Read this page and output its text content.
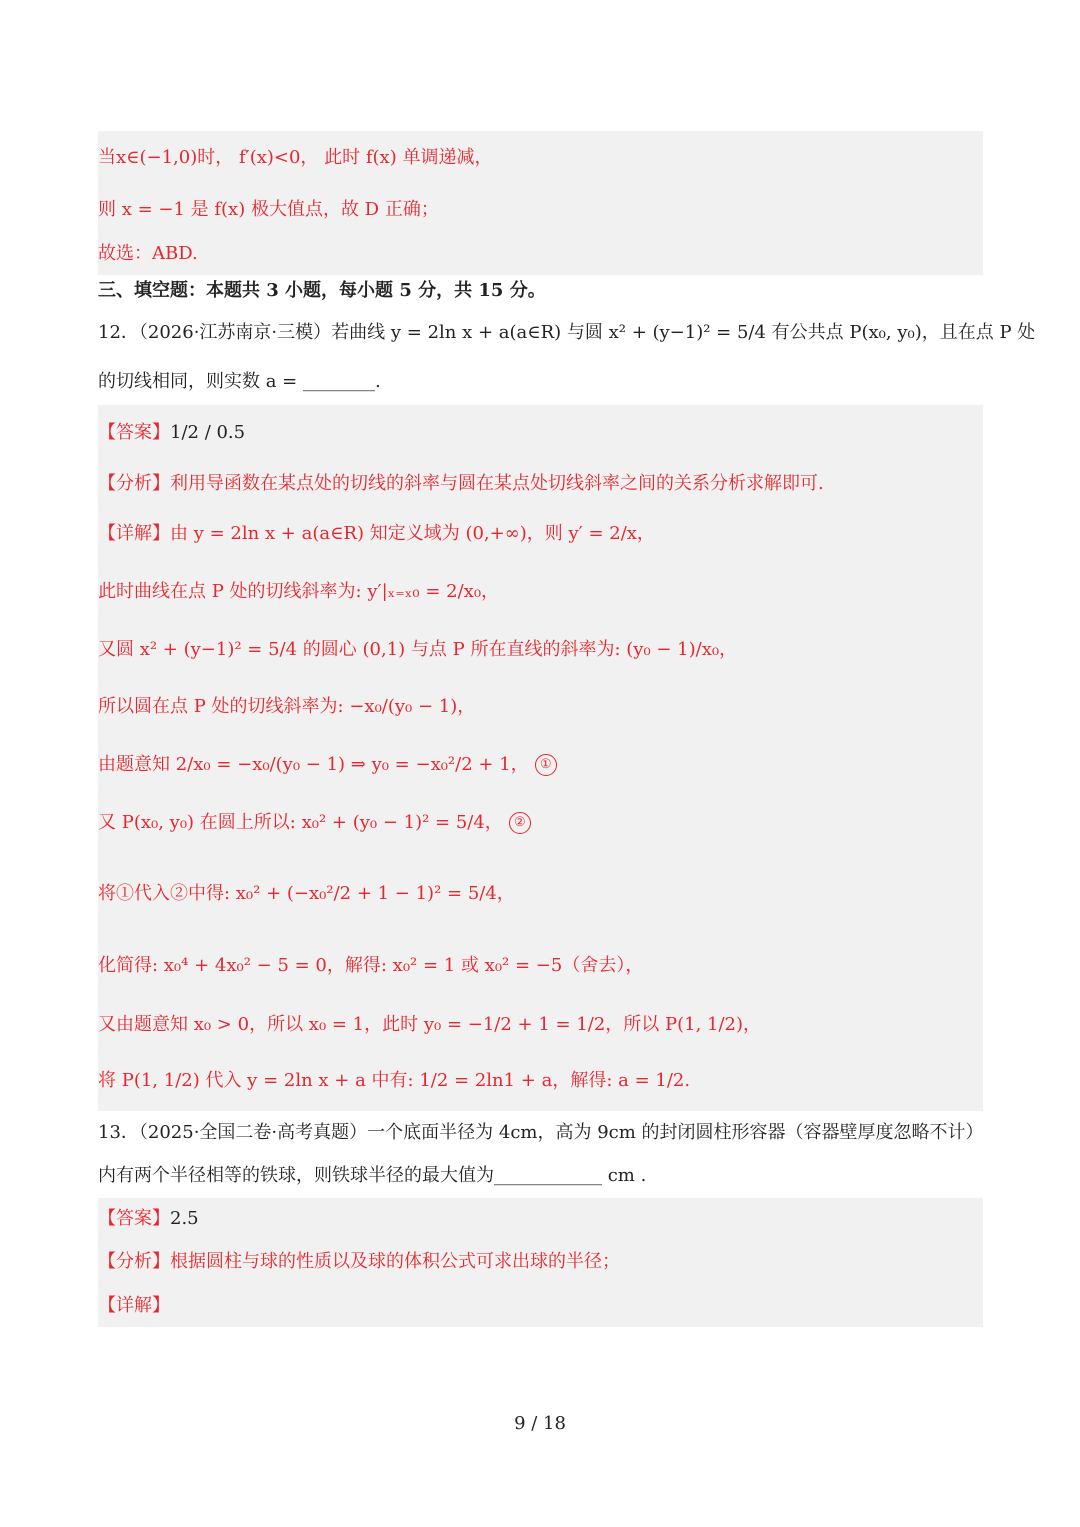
当x∈(−1,0)时， f′(x)<0， 此时 f(x) 单调递减，
则 x = −1 是 f(x) 极大值点，故 D 正确；
故选：ABD.
三、填空题：本题共 3 小题，每小题 5 分，共 15 分。
12．（2026·江苏南京·三模）若曲线 y = 2ln x + a(a∈R) 与圆 x² + (y−1)² = 5/4 有公共点 P(x₀, y₀)，且在点 P 处
的切线相同，则实数 a = ________.
【答案】1/2 / 0.5
【分析】利用导函数在某点处的切线的斜率与圆在某点处切线斜率之间的关系分析求解即可.
【详解】由 y = 2ln x + a(a∈R) 知定义域为 (0,+∞)，则 y′ = 2/x，
此时曲线在点 P 处的切线斜率为: y′|ₓ₌ₓ₀ = 2/x₀，
又圆 x² + (y−1)² = 5/4 的圆心 (0,1) 与点 P 所在直线的斜率为: (y₀ − 1)/x₀，
所以圆在点 P 处的切线斜率为: −x₀/(y₀ − 1)，
由题意知 2/x₀ = −x₀/(y₀ − 1) ⇒ y₀ = −x₀²/2 + 1， ①
又 P(x₀, y₀) 在圆上所以: x₀² + (y₀ − 1)² = 5/4， ②
将①代入②中得: x₀² + (−x₀²/2 + 1 − 1)² = 5/4，
化简得: x₀⁴ + 4x₀² − 5 = 0，解得: x₀² = 1 或 x₀² = −5（舍去），
又由题意知 x₀ > 0，所以 x₀ = 1，此时 y₀ = −1/2 + 1 = 1/2，所以 P(1, 1/2)，
将 P(1, 1/2) 代入 y = 2ln x + a 中有: 1/2 = 2ln1 + a，解得: a = 1/2.
13．（2025·全国二卷·高考真题）一个底面半径为 4cm，高为 9cm 的封闭圆柱形容器（容器壁厚度忽略不计）
内有两个半径相等的铁球，则铁球半径的最大值为____________ cm .
【答案】2.5
【分析】根据圆柱与球的性质以及球的体积公式可求出球的半径；
【详解】
9 / 18
